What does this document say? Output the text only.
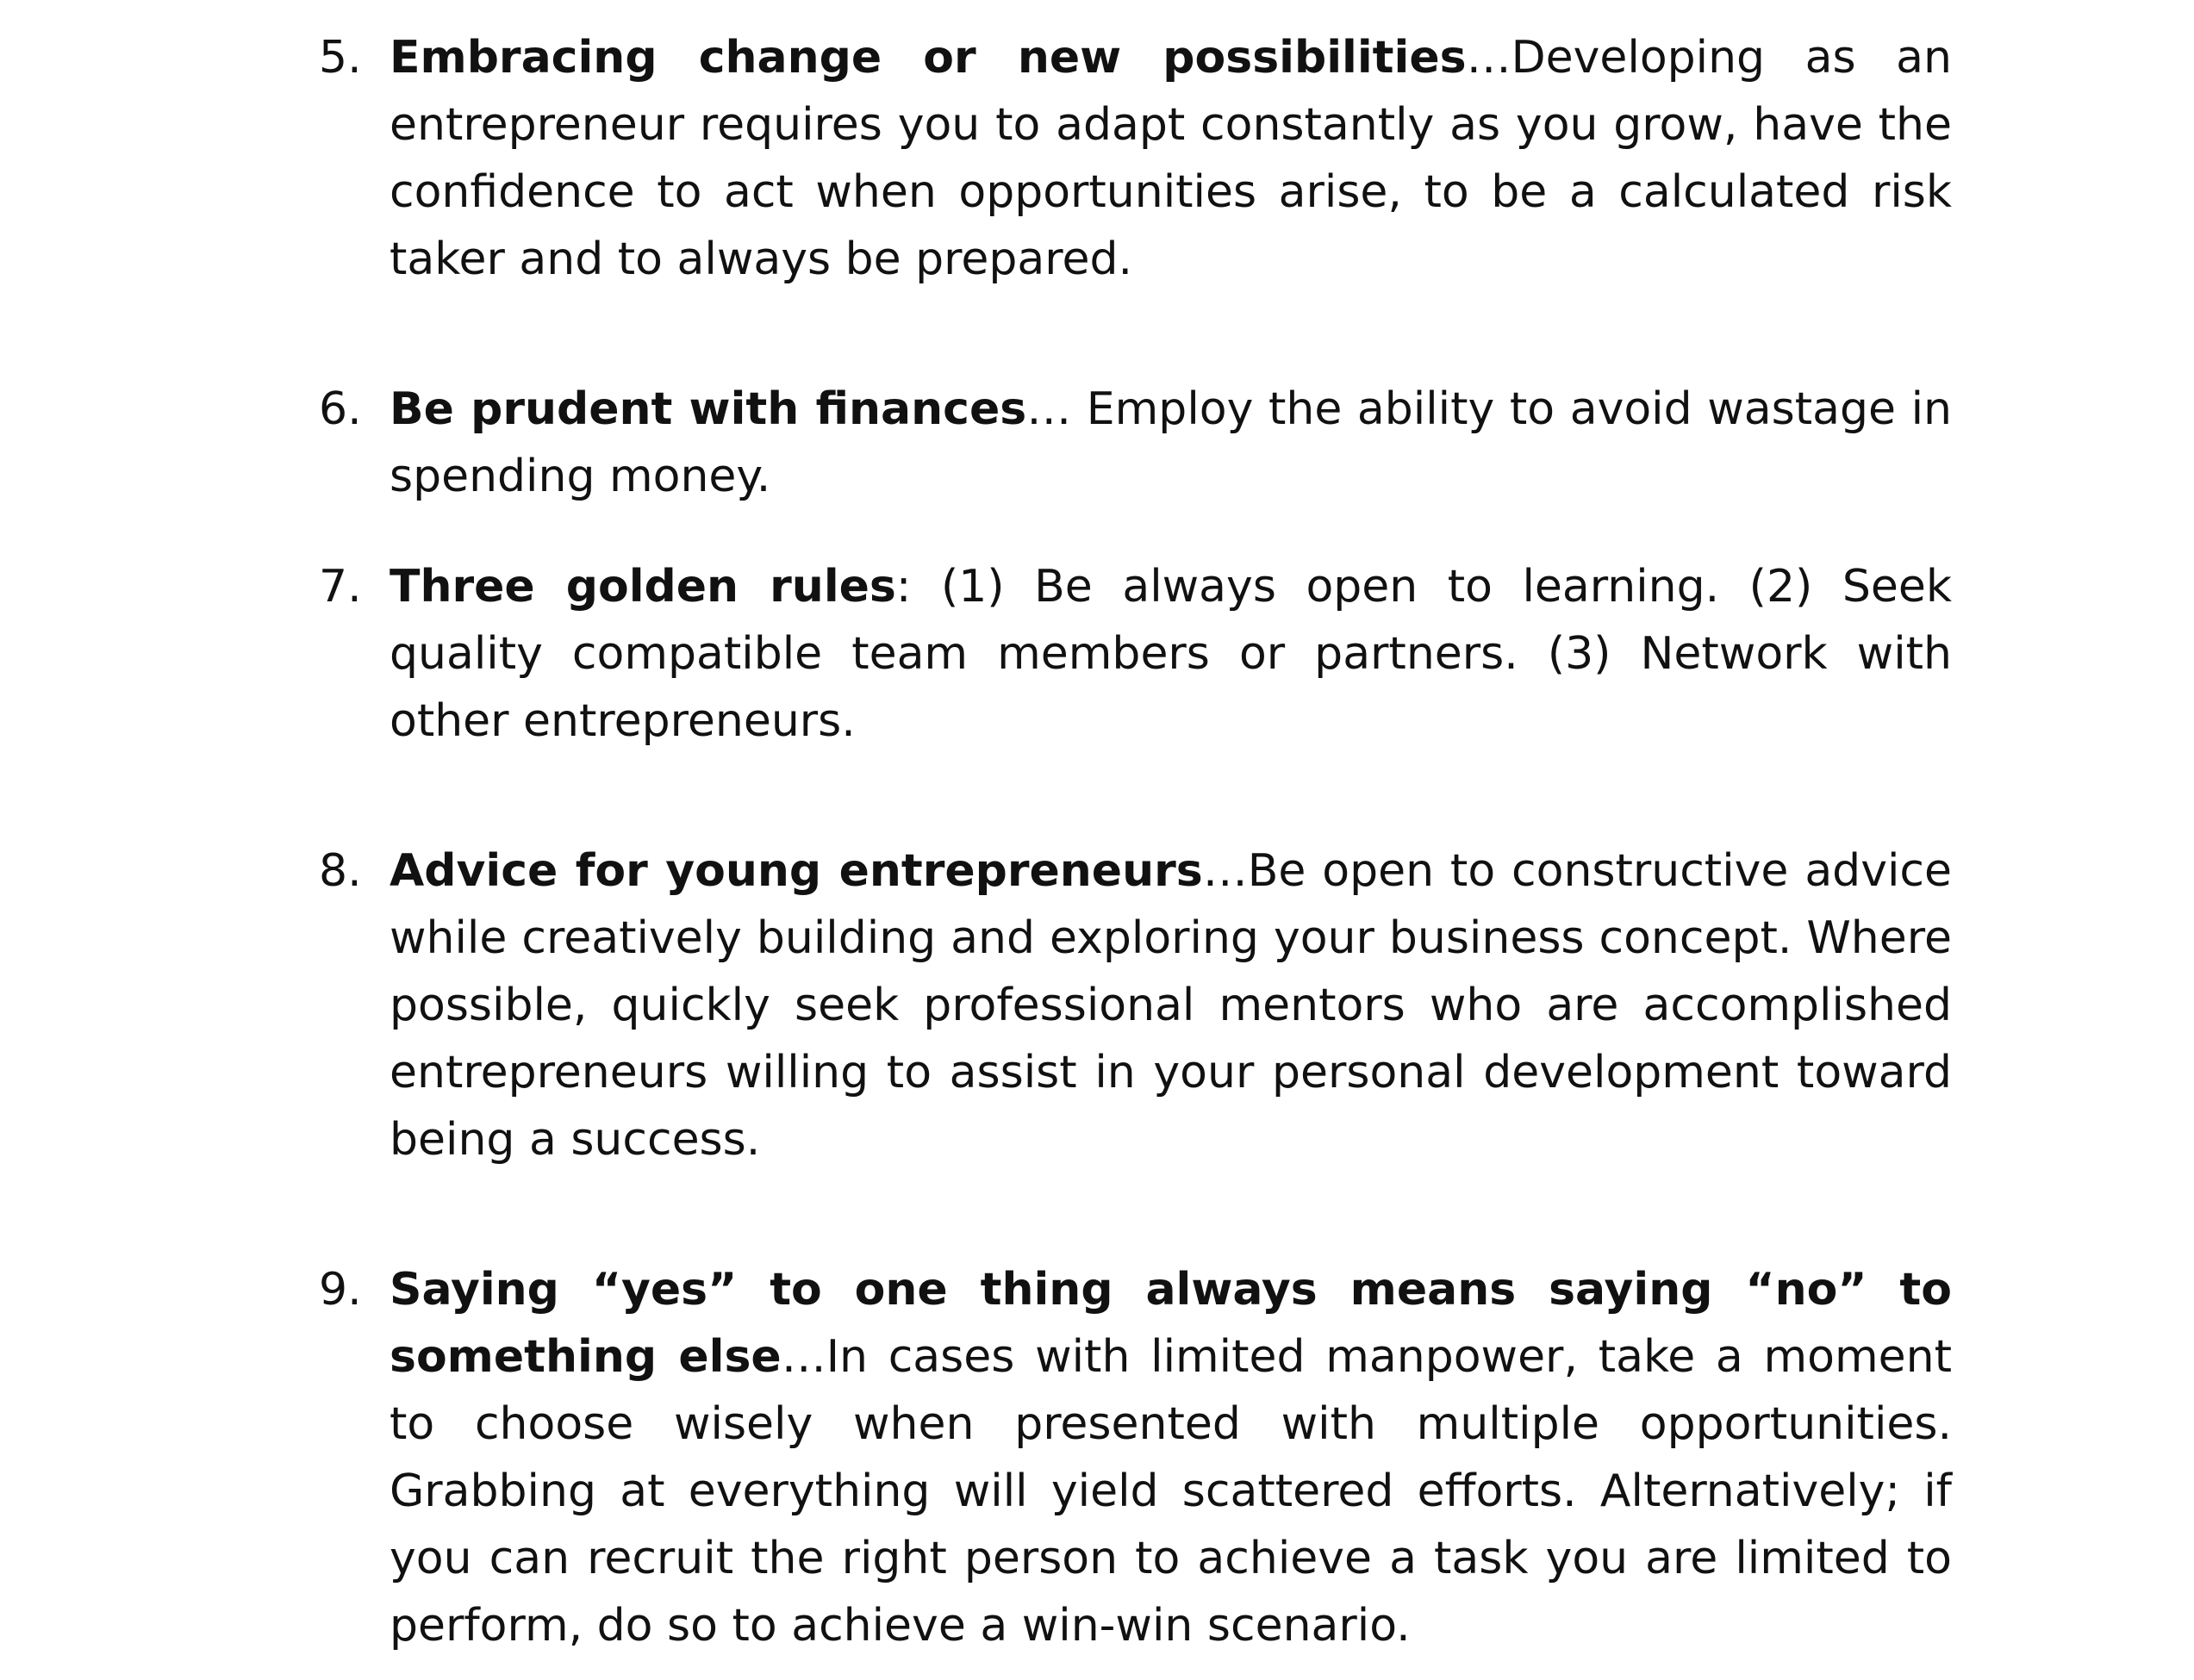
5. Embracing change or new possibilities…Developing as an entrepreneur requires you to adapt constantly as you grow, have the confidence to act when opportunities arise, to be a calculated risk taker and to always be prepared.

6. Be prudent with finances… Employ the ability to avoid wastage in spending money.

7. Three golden rules: (1) Be always open to learning. (2) Seek quality compatible team members or partners. (3) Network with other entrepreneurs.

8. Advice for young entrepreneurs…Be open to constructive advice while creatively building and exploring your business concept. Where possible, quickly seek professional mentors who are accomplished entrepreneurs willing to assist in your personal development toward being a success.

9. Saying “yes” to one thing always means saying “no” to something else…In cases with limited manpower, take a moment to choose wisely when presented with multiple opportunities. Grabbing at everything will yield scattered efforts. Alternatively; if you can recruit the right person to achieve a task you are limited to perform, do so to achieve a win-win scenario.
